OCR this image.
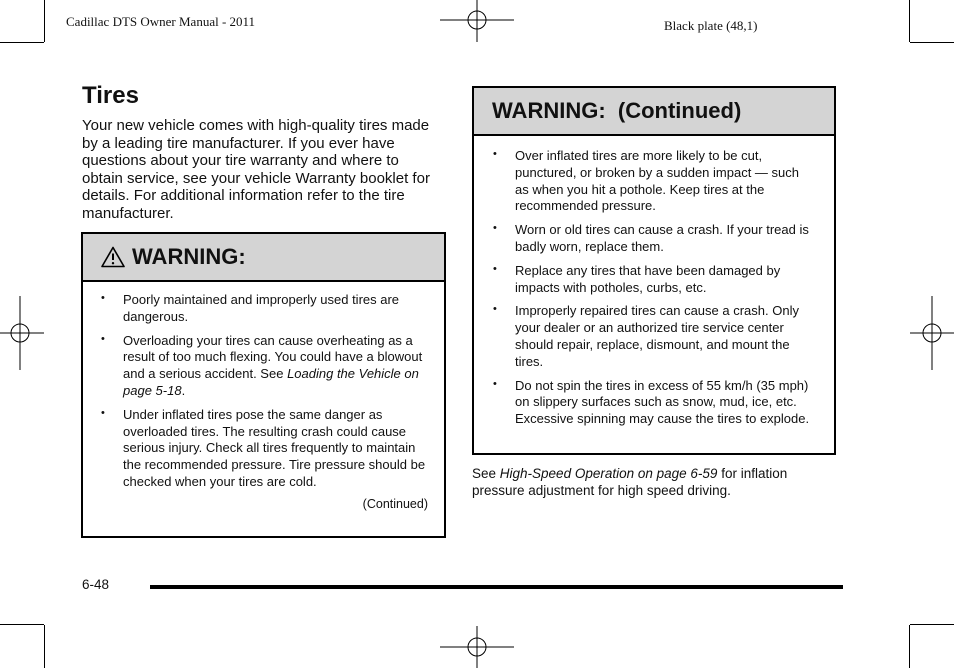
Cadillac DTS Owner Manual - 2011	Black plate (48,1)
Tires

Your new vehicle comes with high-quality tires made by a leading tire manufacturer. If you ever have questions about your tire warranty and where to obtain service, see your vehicle Warranty booklet for details. For additional information refer to the tire manufacturer.

WARNING:
• Poorly maintained and improperly used tires are dangerous.
• Overloading your tires can cause overheating as a result of too much flexing. You could have a blowout and a serious accident. See Loading the Vehicle on page 5-18.
• Under inflated tires pose the same danger as overloaded tires. The resulting crash could cause serious injury. Check all tires frequently to maintain the recommended pressure. Tire pressure should be checked when your tires are cold.
(Continued)
WARNING:  (Continued)
• Over inflated tires are more likely to be cut, punctured, or broken by a sudden impact — such as when you hit a pothole. Keep tires at the recommended pressure.
• Worn or old tires can cause a crash. If your tread is badly worn, replace them.
• Replace any tires that have been damaged by impacts with potholes, curbs, etc.
• Improperly repaired tires can cause a crash. Only your dealer or an authorized tire service center should repair, replace, dismount, and mount the tires.
• Do not spin the tires in excess of 55 km/h (35 mph) on slippery surfaces such as snow, mud, ice, etc. Excessive spinning may cause the tires to explode.

See High-Speed Operation on page 6-59 for inflation pressure adjustment for high speed driving.

6-48
